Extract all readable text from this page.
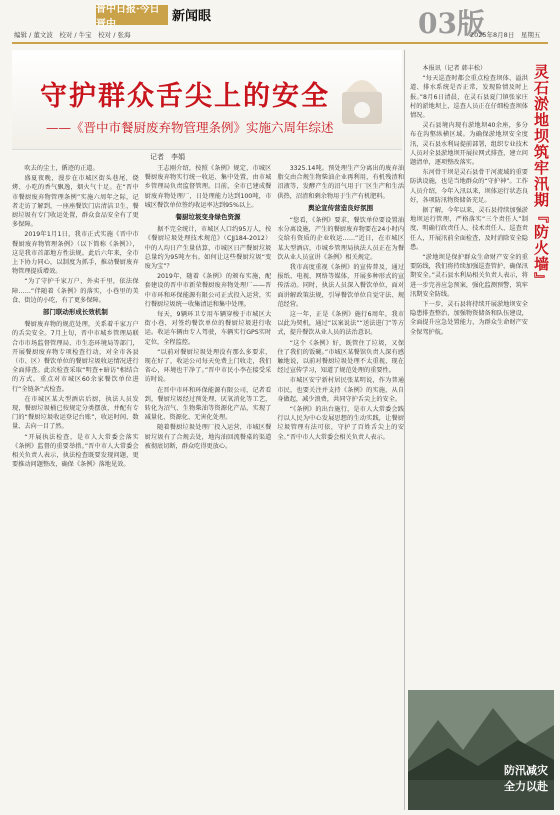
晋中日报·今日晋中
新闻眼
编辑 / 董文波　校对 / 牛宝　校对 / 张海	03版
2025年8月8日　星期五
守护群众舌尖上的安全
——《晋中市餐厨废弃物管理条例》实施六周年综述
记者　李娟

吹去的尘土，循迹的正道。

盛夏夜晚，漫步在市城区街头巷尾，烧烤、小吃的香气飘逸，烟火气十足。在“晋中市餐厨废弃物管理条例”实施六周年之际，记者走访了解到，一座座餐饮门店清洁卫生，餐厨垃圾有专门收运处置，群众食品安全有了更多保障。

2019年1月1日，我市正式实施《晋中市餐厨废弃物管理条例》（以下简称《条例》），这是我市首部地方性法规。此后六年来，全市上下协力同心，以制度为抓手，推动餐厨废弃物管理提质增效。

“为了守护千家万户，外卖千里，依法保障……”伴随着《条例》的落实，小巷里的美食、街边的小吃，有了更多保障。

部门联动形成长效机制

餐厨废弃物的规范处理，关系着千家万户的舌尖安全。7月上旬，晋中市城乡管理局联合市市场监督管理局、市生态环境局等部门，开展餐厨废弃物专项检查行动，对全市各县（市、区）餐饮单位的餐厨垃圾收运情况进行全面排查。此次检查采取“明查+暗访”相结合的方式，重点对市城区60余家餐饮单位进行“全链条”式检查。

在市城区某大型酒店后厨，执法人员发现，餐厨垃圾桶已按规定分类摆放，并配有专门的“餐厨垃圾收运登记台账”，收运时间、数量、去向一目了然。

“开展执法检查，是市人大常委会落实《条例》监督的重要举措。”晋中市人大常委会相关负责人表示，执法检查既要发现问题，更要推动问题整改，确保《条例》落地见效。

王志刚介绍，按照《条例》规定，市城区餐厨废弃物实行统一收运、集中处置，由市城乡管理局负责监督管理。目前，全市已建成餐厨废弃物处理厂，日处理能力达到100吨，市城区餐饮单位签约收运率达到95%以上。

餐厨垃圾变身绿色资源

据不完全统计，市城区人口约95万人，按《餐厨垃圾处理技术规范》（CJJ184-2012）中的人均日产生量估算，市城区日产餐厨垃圾总量约为95吨左右。如何让这些餐厨垃圾“变废为宝”？

2019年，随着《条例》的颁布实施，配套建设的晋中市新荣餐厨废弃物处理厂——晋中市环和环保能源有限公司正式投入运营，实行餐厨垃圾统一收集清运和集中处理。

每天，9辆环卫专用车辆穿梭于市城区大街小巷，对签约餐饮单位的餐厨垃圾进行收运。收运车辆由专人驾驶，车辆实行GPS实时定位，全程监控。

“以前对餐厨垃圾处理没有那么多要求，现在好了，收运公司每天免费上门收走，我们省心，环境也干净了。”晋中市民小李在接受采访时说。

在晋中市环和环保能源有限公司，记者看到，餐厨垃圾经过预处理、厌氧消化等工艺，转化为沼气、生物柴油等资源化产品，实现了减量化、资源化、无害化处理。

随着餐厨垃圾处理厂投入运营，市城区餐厨垃圾有了合规去处，地沟油回流餐桌的渠道被彻底切断，群众吃得更放心。

3325.14吨。预处理生产分离出的废弃油脂交由合规生物柴油企业再利用，有机残渣和沼液等，发酵产生的沼气用于厂区生产和生活供热，沼渣和剩余物用于生产有机肥料。

舆论宣传营造良好氛围

“您看，《条例》要求，餐饮单位要设置油水分离设施，产生的餐厨废弃物要在24小时内交给有资质的企业收运……”近日，在市城区某大型酒店，市城乡管理局执法人员正在为餐饮从业人员宣讲《条例》相关规定。

我市高度重视《条例》的宣传普及，通过报纸、电视、网络等媒体，开展多种形式的宣传活动。同时，执法人员深入餐饮单位，面对面讲解政策法规，引导餐饮单位自觉守法、规范经营。

这一年，正是《条例》施行6周年，我市以此为契机，通过“以案说法”“送法进门”等方式，提升餐饮从业人员的法治意识。

“这个《条例》好，既管住了垃圾，又保住了我们的饭碗。”市城区某餐馆负责人深有感触地说，以前对餐厨垃圾处理不太重视，现在经过宣传学习，知道了规范处理的重要性。

市城区安宁新村居民张某明说，作为普通市民，也要关注并支持《条例》的实施，从自身做起，减少浪费，共同守护舌尖上的安全。

“《条例》的出台施行，是市人大常委会践行以人民为中心发展思想的生动实践，让餐厨垃圾管理有法可依，守护了百姓舌尖上的安全。”晋中市人大常委会相关负责人表示。

灵石淤地坝筑牢汛期『防火墙』

本报讯（记者 韩丰松）

“每天巡查时都会重点检查坝体、溢洪道、排水系统是否正常，发现险情及时上报。”8月6日清晨，在灵石县夏门镇张家庄村的淤地坝上，巡查人员正在仔细检查坝体情况。

灵石县境内现有淤地坝40余座，多分布在沟壑纵横区域。为确保淤地坝安全度汛，灵石县水利局提前部署，组织专业技术人员对全县淤地坝开展拉网式排查，建立问题清单，逐项整改落实。

东河骨干坝是灵石县骨干河流域的重要防洪设施，也是当地群众的“守护神”。工作人员介绍，今年入汛以来，坝体运行状态良好，各项防汛物资储备充足。

据了解，今年以来，灵石县持续加强淤地坝运行管理，严格落实“三个责任人”制度，明确行政责任人、技术责任人、巡查责任人，开展汛前全面检查，及时消除安全隐患。

“淤地坝是保护群众生命财产安全的重要防线，我们将持续加强巡查管护，确保汛期安全。”灵石县水利局相关负责人表示，将进一步完善应急预案，强化监测预警，筑牢汛期安全防线。

下一步，灵石县将持续开展淤地坝安全隐患排查整治，加强物资储备和队伍建设，全面提升应急处置能力，为群众生命财产安全保驾护航。

防汛减灾
全力以赴
